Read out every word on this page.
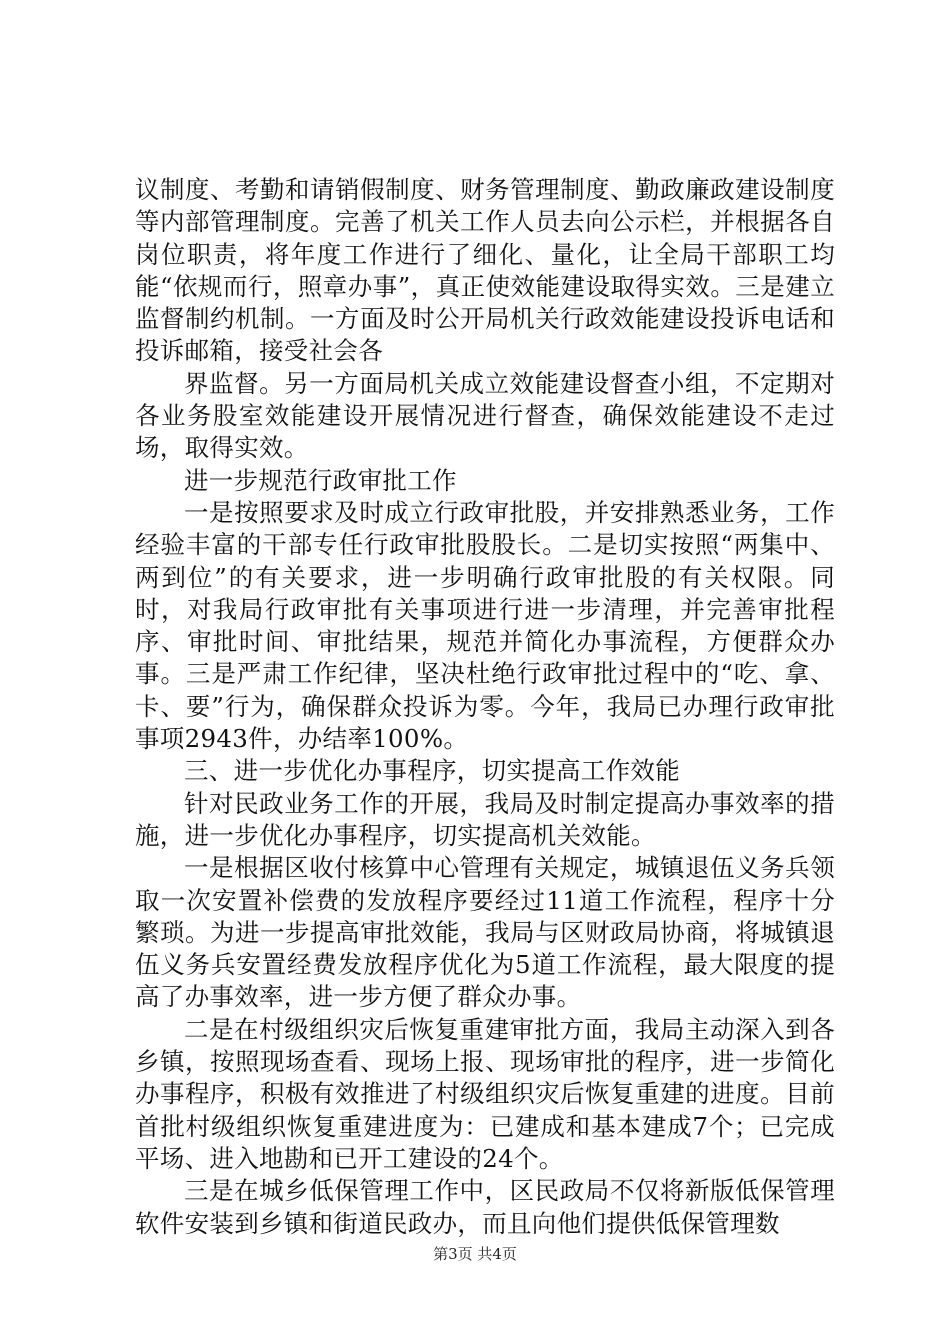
议制度、考勤和请销假制度、财务管理制度、勤政廉政建设制度等内部管理制度。完善了机关工作人员去向公示栏，并根据各自岗位职责，将年度工作进行了细化、量化，让全局干部职工均能“依规而行，照章办事”，真正使效能建设取得实效。三是建立监督制约机制。一方面及时公开局机关行政效能建设投诉电话和投诉邮箱，接受社会各

界监督。另一方面局机关成立效能建设督查小组，不定期对各业务股室效能建设开展情况进行督查，确保效能建设不走过场，取得实效。

进一步规范行政审批工作

一是按照要求及时成立行政审批股，并安排熟悉业务，工作经验丰富的干部专任行政审批股股长。二是切实按照“两集中、两到位”的有关要求，进一步明确行政审批股的有关权限。同时，对我局行政审批有关事项进行进一步清理，并完善审批程序、审批时间、审批结果，规范并简化办事流程，方便群众办事。三是严肃工作纪律，坚决杜绝行政审批过程中的“吃、拿、卡、要”行为，确保群众投诉为零。今年，我局已办理行政审批事项2943件，办结率100%。

三、进一步优化办事程序，切实提高工作效能

针对民政业务工作的开展，我局及时制定提高办事效率的措施，进一步优化办事程序，切实提高机关效能。

一是根据区收付核算中心管理有关规定，城镇退伍义务兵领取一次安置补偿费的发放程序要经过11道工作流程，程序十分繁琐。为进一步提高审批效能，我局与区财政局协商，将城镇退伍义务兵安置经费发放程序优化为5道工作流程，最大限度的提高了办事效率，进一步方便了群众办事。

二是在村级组织灾后恢复重建审批方面，我局主动深入到各乡镇，按照现场查看、现场上报、现场审批的程序，进一步简化办事程序，积极有效推进了村级组织灾后恢复重建的进度。目前首批村级组织恢复重建进度为：已建成和基本建成7个；已完成平场、进入地勘和已开工建设的24个。

三是在城乡低保管理工作中，区民政局不仅将新版低保管理软件安装到乡镇和街道民政办，而且向他们提供低保管理数

第3页 共4页
